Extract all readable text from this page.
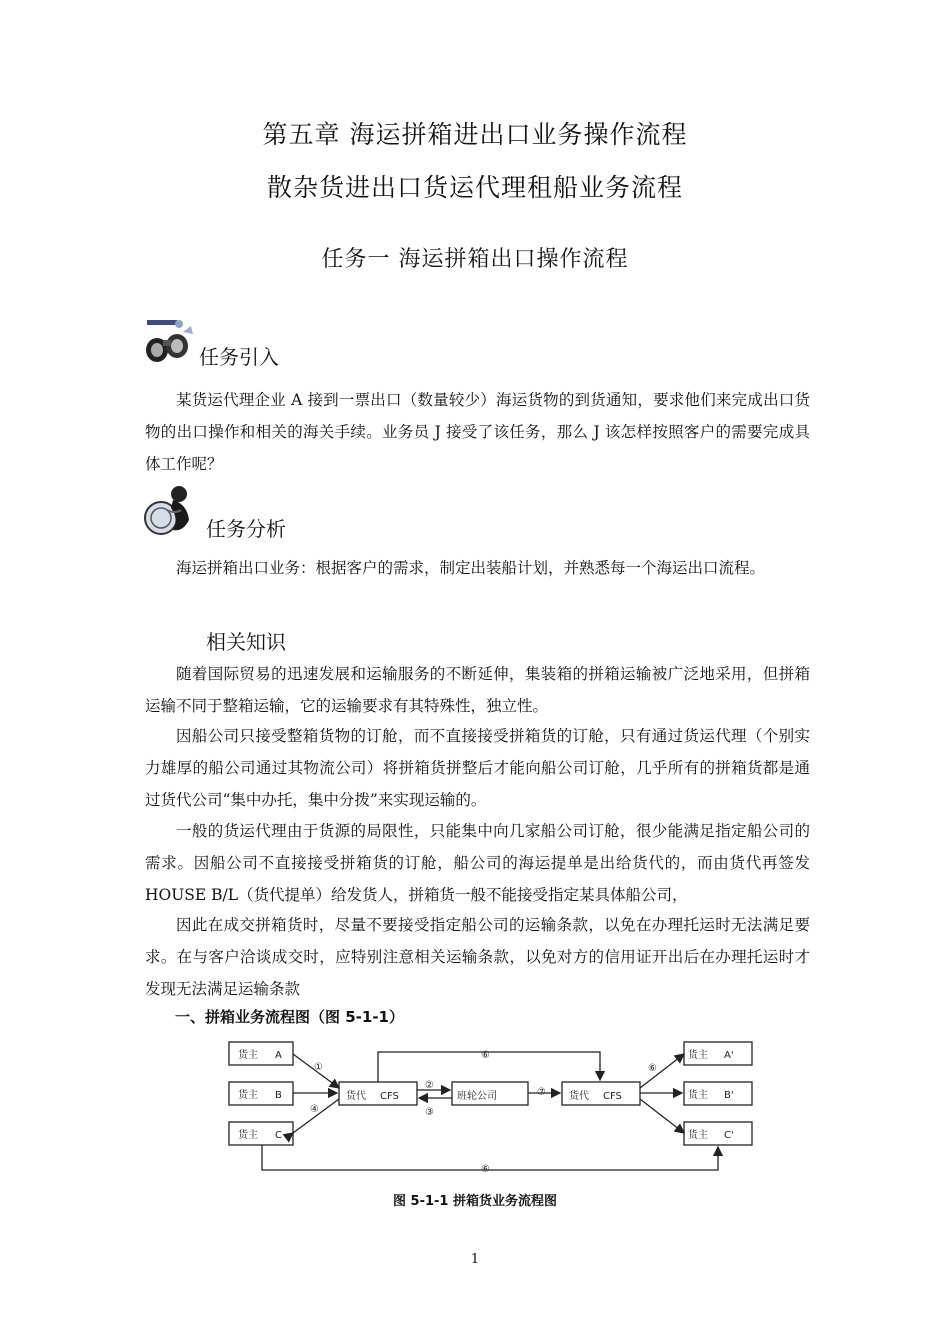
第五章 海运拼箱进出口业务操作流程
散杂货进出口货运代理租船业务流程
任务一 海运拼箱出口操作流程
任务引入

某货运代理企业 A 接到一票出口（数量较少）海运货物的到货通知，要求他们来完成出口货物的出口操作和相关的海关手续。业务员 J 接受了该任务，那么 J 该怎样按照客户的需要完成具体工作呢？

任务分析

海运拼箱出口业务：根据客户的需求，制定出装船计划，并熟悉每一个海运出口流程。

相关知识

随着国际贸易的迅速发展和运输服务的不断延伸，集装箱的拼箱运输被广泛地采用，但拼箱运输不同于整箱运输，它的运输要求有其特殊性，独立性。

因船公司只接受整箱货物的订舱，而不直接接受拼箱货的订舱，只有通过货运代理（个别实力雄厚的船公司通过其物流公司）将拼箱货拼整后才能向船公司订舱，几乎所有的拼箱货都是通过货代公司“集中办托，集中分拨”来实现运输的。

一般的货运代理由于货源的局限性，只能集中向几家船公司订舱，很少能满足指定船公司的需求。因船公司不直接接受拼箱货的订舱，船公司的海运提单是出给货代的，而由货代再签发 HOUSE B/L（货代提单）给发货人，拼箱货一般不能接受指定某具体船公司，

因此在成交拼箱货时，尽量不要接受指定船公司的运输条款，以免在办理托运时无法满足要求。在与客户洽谈成交时，应特别注意相关运输条款，以免对方的信用证开出后在办理托运时才发现无法满足运输条款

一、拼箱业务流程图（图 5-1-1）
货主 A
货主 B
货主 C
货代 CFS	班轮公司	货代 CFS
货主 A'
货主 B'
货主 C'
①
②
③
④
⑥
⑥
⑥
⑦
图 5-1-1 拼箱货业务流程图
1
